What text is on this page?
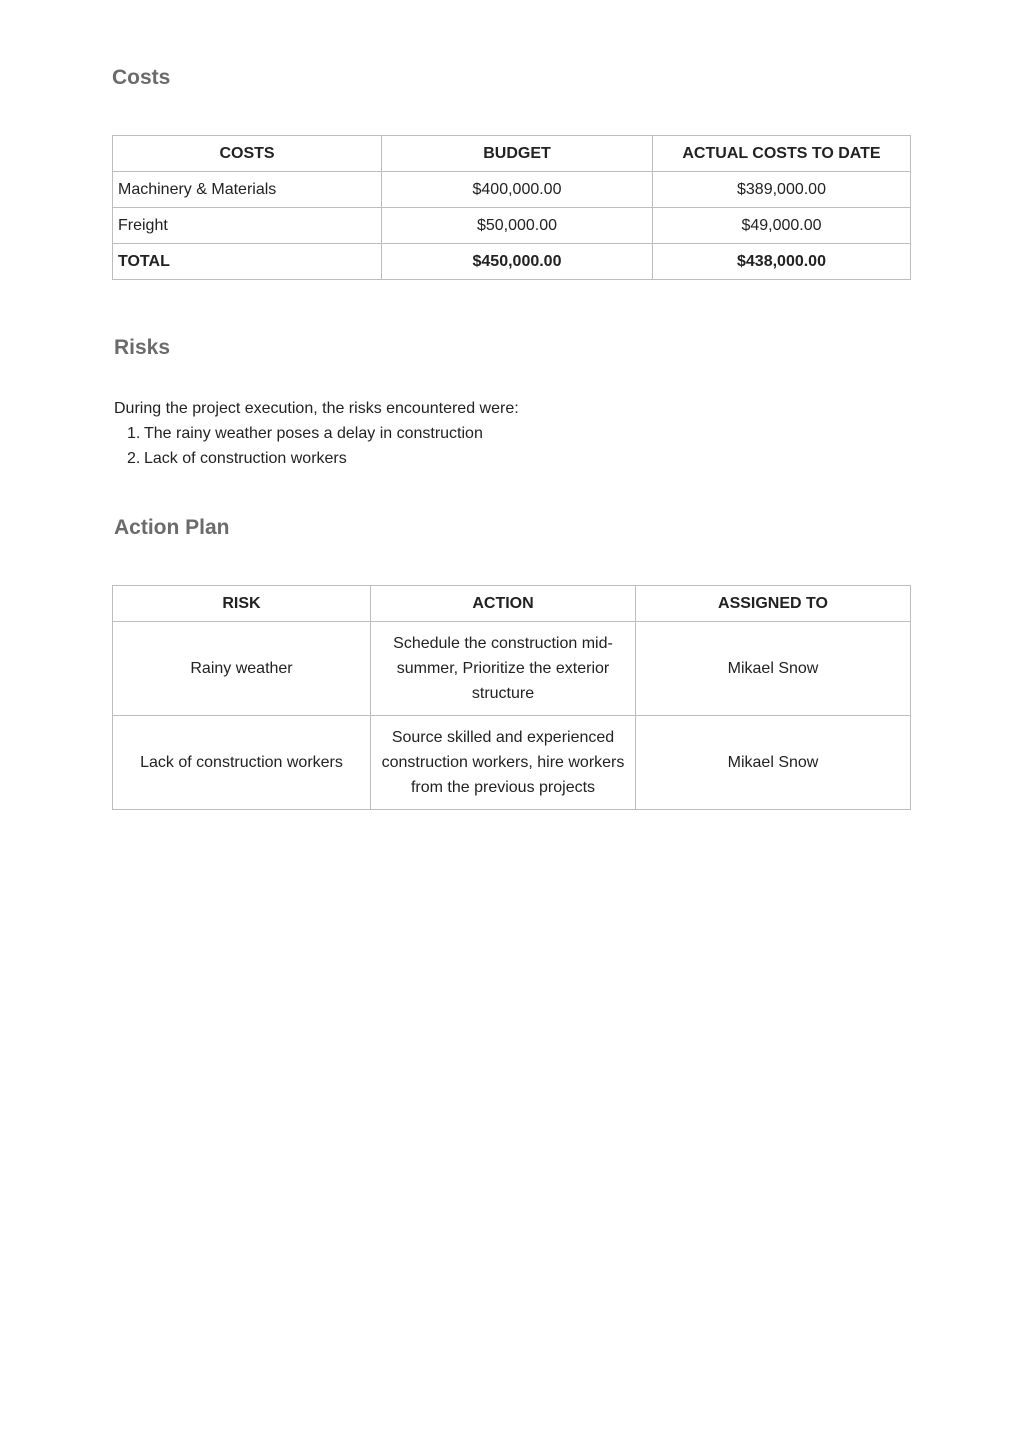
Costs
COSTS	BUDGET	ACTUAL COSTS TO DATE
Machinery & Materials	$400,000.00	$389,000.00
Freight	$50,000.00	$49,000.00
TOTAL	$450,000.00	$438,000.00
Risks

During the project execution, the risks encountered were:

1. The rainy weather poses a delay in construction
2. Lack of construction workers
Action Plan
RISK	ACTION	ASSIGNED TO
Rainy weather	Schedule the construction mid-summer, Prioritize the exterior structure	Mikael Snow
Lack of construction workers	Source skilled and experienced construction workers, hire workers from the previous projects	Mikael Snow
